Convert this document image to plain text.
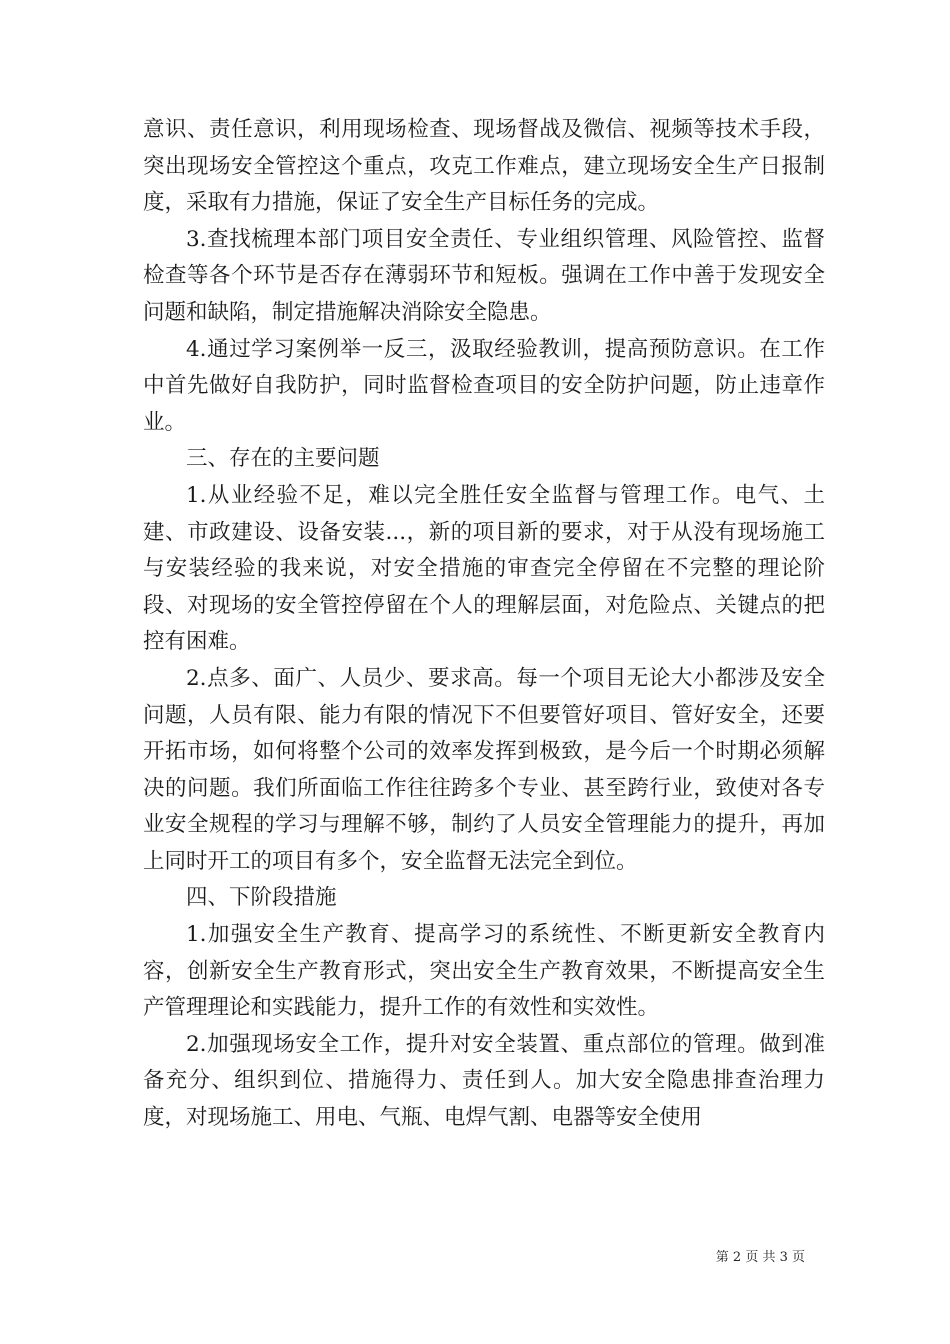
意识、责任意识，利用现场检查、现场督战及微信、视频等技术手段，突出现场安全管控这个重点，攻克工作难点，建立现场安全生产日报制度，采取有力措施，保证了安全生产目标任务的完成。

3.查找梳理本部门项目安全责任、专业组织管理、风险管控、监督检查等各个环节是否存在薄弱环节和短板。强调在工作中善于发现安全问题和缺陷，制定措施解决消除安全隐患。

4.通过学习案例举一反三，汲取经验教训，提高预防意识。在工作中首先做好自我防护，同时监督检查项目的安全防护问题，防止违章作业。

三、存在的主要问题

1.从业经验不足，难以完全胜任安全监督与管理工作。电气、土建、市政建设、设备安装...，新的项目新的要求，对于从没有现场施工与安装经验的我来说，对安全措施的审查完全停留在不完整的理论阶段、对现场的安全管控停留在个人的理解层面，对危险点、关键点的把控有困难。

2.点多、面广、人员少、要求高。每一个项目无论大小都涉及安全问题，人员有限、能力有限的情况下不但要管好项目、管好安全，还要开拓市场，如何将整个公司的效率发挥到极致，是今后一个时期必须解决的问题。我们所面临工作往往跨多个专业、甚至跨行业，致使对各专业安全规程的学习与理解不够，制约了人员安全管理能力的提升，再加上同时开工的项目有多个，安全监督无法完全到位。

四、下阶段措施

1.加强安全生产教育、提高学习的系统性、不断更新安全教育内容，创新安全生产教育形式，突出安全生产教育效果，不断提高安全生产管理理论和实践能力，提升工作的有效性和实效性。

2.加强现场安全工作，提升对安全装置、重点部位的管理。做到准备充分、组织到位、措施得力、责任到人。加大安全隐患排查治理力度，对现场施工、用电、气瓶、电焊气割、电器等安全使用

第 2 页 共 3 页
